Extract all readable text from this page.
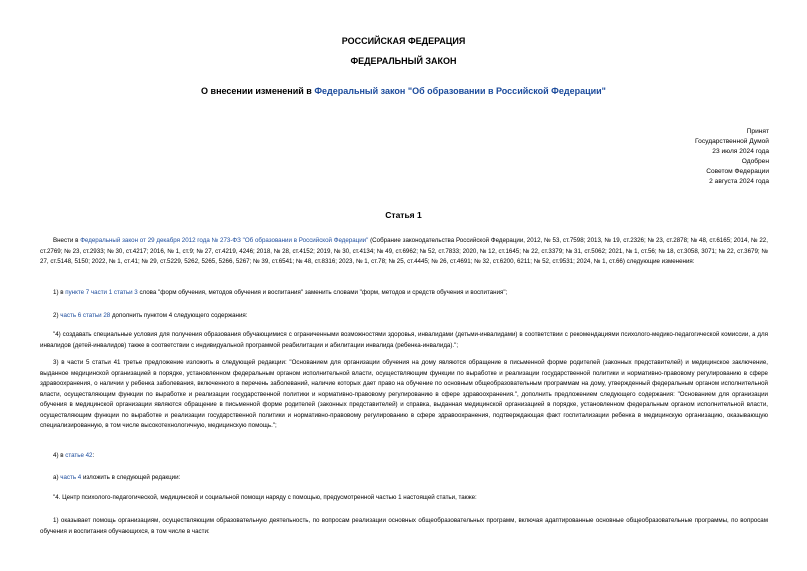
РОССИЙСКАЯ ФЕДЕРАЦИЯ
ФЕДЕРАЛЬНЫЙ ЗАКОН
О внесении изменений в Федеральный закон "Об образовании в Российской Федерации"
Принят
Государственной Думой
23 июля 2024 года
Одобрен
Советом Федерации
2 августа 2024 года
Статья 1
Внести в Федеральный закон от 29 декабря 2012 года № 273-ФЗ "Об образовании в Российской Федерации" (Собрание законодательства Российской Федерации, 2012, № 53, ст.7598; 2013, № 19, ст.2326; № 23, ст.2878; № 48, ст.6165; 2014, № 22, ст.2769; № 23, ст.2933; № 30, ст.4217; 2016, № 1, ст.9; № 27, ст.4219, 4246; 2018, № 28, ст.4152; 2019, № 30, ст.4134; № 49, ст.6962; № 52, ст.7833; 2020, № 12, ст.1645; № 22, ст.3379; № 31, ст.5062; 2021, № 1, ст.56; № 18, ст.3058, 3071; № 22, ст.3679; № 27, ст.5148, 5150; 2022, № 1, ст.41; № 29, ст.5229, 5262, 5265, 5266, 5267; № 39, ст.6541; № 48, ст.8316; 2023, № 1, ст.78; № 25, ст.4445; № 26, ст.4691; № 32, ст.6200, 6211; № 52, ст.9531; 2024, № 1, ст.66) следующие изменения:
1) в пункте 7 части 1 статьи 3 слова "форм обучения, методов обучения и воспитания" заменить словами "форм, методов и средств обучения и воспитания";
2) часть 6 статьи 28 дополнить пунктом 4 следующего содержания:
"4) создавать специальные условия для получения образования обучающимися с ограниченными возможностями здоровья, инвалидами (детьми-инвалидами) в соответствии с рекомендациями психолого-медико-педагогической комиссии, а для инвалидов (детей-инвалидов) также в соответствии с индивидуальной программой реабилитации и абилитации инвалида (ребенка-инвалида).";
3) в части 5 статьи 41 третье предложение изложить в следующей редакции: "Основанием для организации обучения на дому являются обращение в письменной форме родителей (законных представителей) и медицинское заключение, выданное медицинской организацией в порядке, установленном федеральным органом исполнительной власти, осуществляющим функции по выработке и реализации государственной политики и нормативно-правовому регулированию в сфере здравоохранения, о наличии у ребенка заболевания, включенного в перечень заболеваний, наличие которых дает право на обучение по основным общеобразовательным программам на дому, утвержденный федеральным органом исполнительной власти, осуществляющим функции по выработке и реализации государственной политики и нормативно-правовому регулированию в сфере здравоохранения.", дополнить предложением следующего содержания: "Основанием для организации обучения в медицинской организации являются обращение в письменной форме родителей (законных представителей) и справка, выданная медицинской организацией в порядке, установленном федеральным органом исполнительной власти, осуществляющим функции по выработке и реализации государственной политики и нормативно-правовому регулированию в сфере здравоохранения, подтверждающая факт госпитализации ребенка в медицинскую организацию, оказывающую специализированную, в том числе высокотехнологичную, медицинскую помощь.";
4) в статье 42:
а) часть 4 изложить в следующей редакции:
"4. Центр психолого-педагогической, медицинской и социальной помощи наряду с помощью, предусмотренной частью 1 настоящей статьи, также:
1) оказывает помощь организациям, осуществляющим образовательную деятельность, по вопросам реализации основных общеобразовательных программ, включая адаптированные основные общеобразовательные программы, по вопросам обучения и воспитания обучающихся, в том числе в части:
